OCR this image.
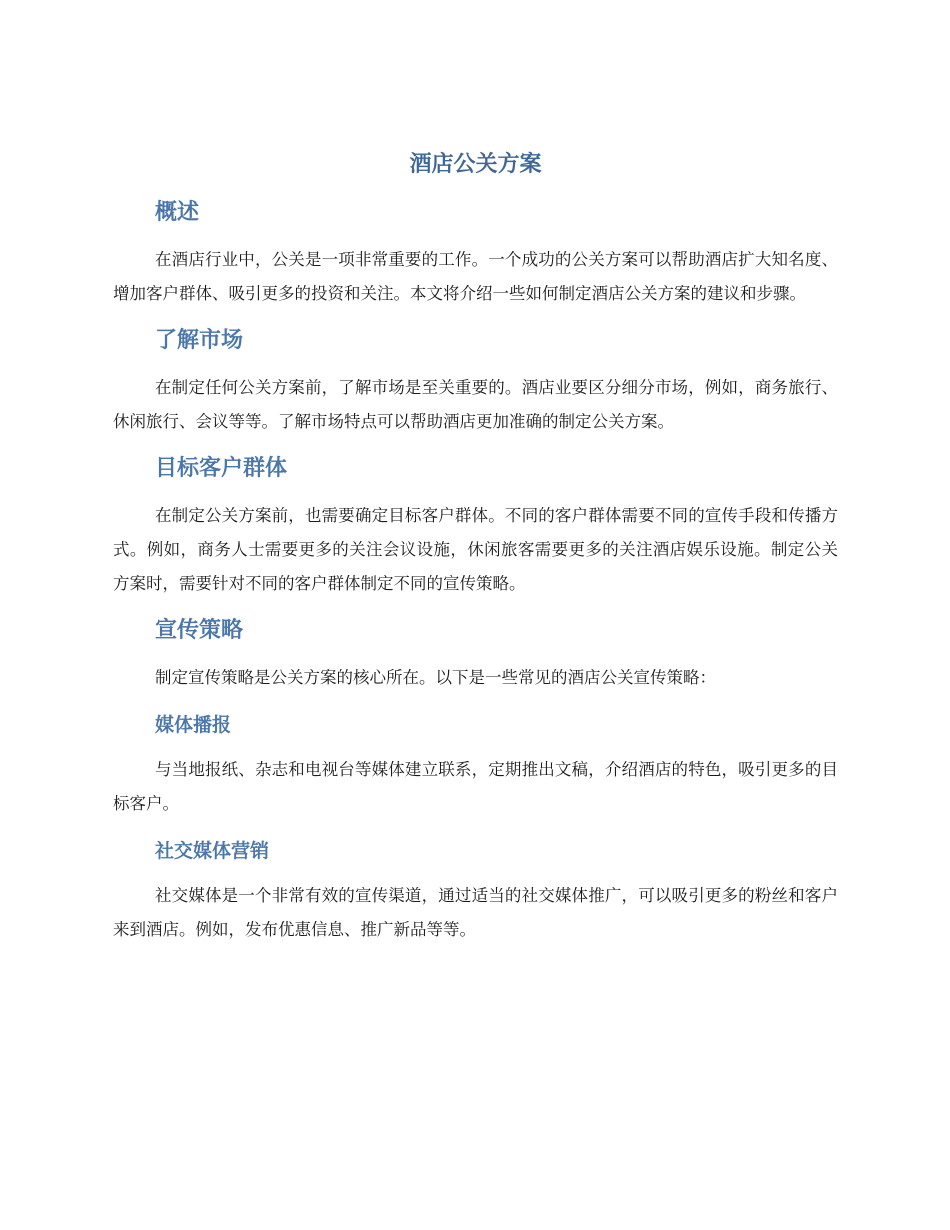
酒店公关方案
概述

在酒店行业中，公关是一项非常重要的工作。一个成功的公关方案可以帮助酒店扩大知名度、增加客户群体、吸引更多的投资和关注。本文将介绍一些如何制定酒店公关方案的建议和步骤。

了解市场

在制定任何公关方案前，了解市场是至关重要的。酒店业要区分细分市场，例如，商务旅行、休闲旅行、会议等等。了解市场特点可以帮助酒店更加准确的制定公关方案。

目标客户群体

在制定公关方案前，也需要确定目标客户群体。不同的客户群体需要不同的宣传手段和传播方式。例如，商务人士需要更多的关注会议设施，休闲旅客需要更多的关注酒店娱乐设施。制定公关方案时，需要针对不同的客户群体制定不同的宣传策略。

宣传策略

制定宣传策略是公关方案的核心所在。以下是一些常见的酒店公关宣传策略：

媒体播报

与当地报纸、杂志和电视台等媒体建立联系，定期推出文稿，介绍酒店的特色，吸引更多的目标客户。

社交媒体营销

社交媒体是一个非常有效的宣传渠道，通过适当的社交媒体推广，可以吸引更多的粉丝和客户来到酒店。例如，发布优惠信息、推广新品等等。
